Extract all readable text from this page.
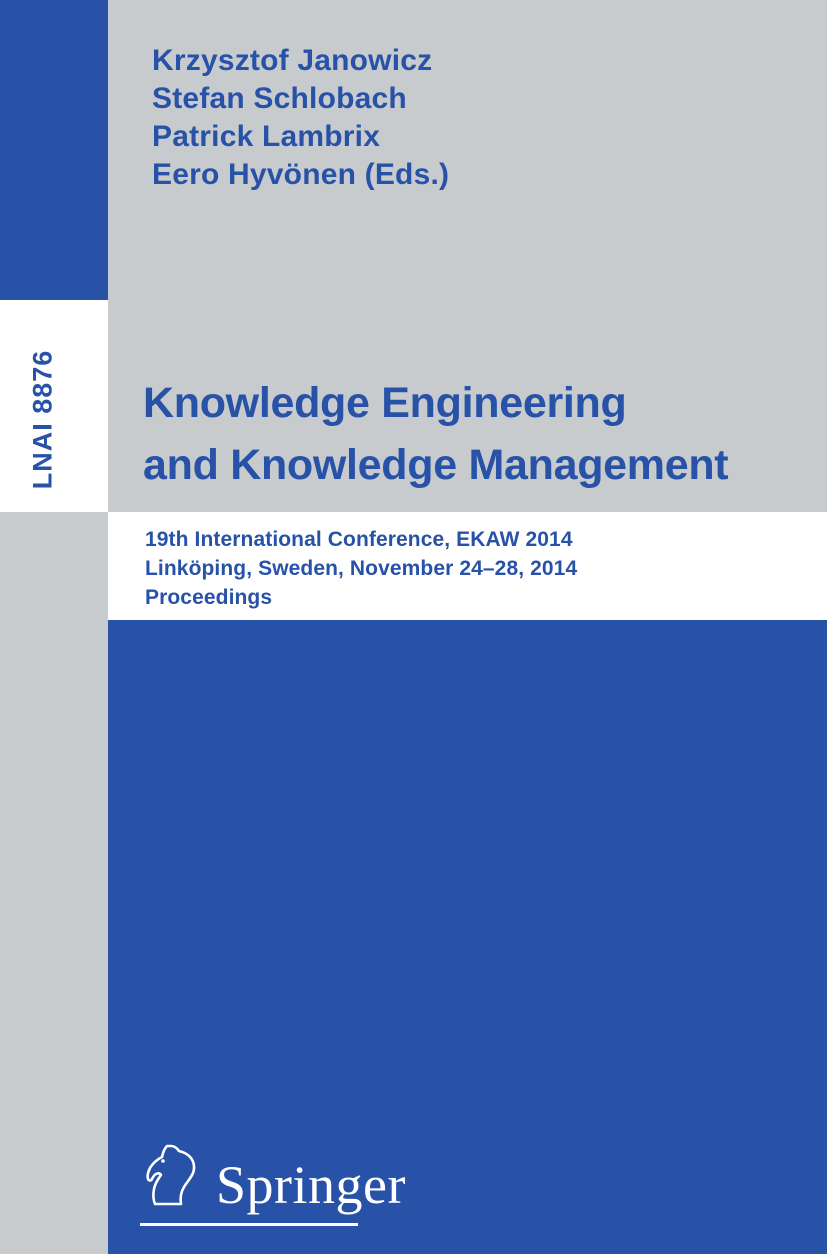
Krzysztof Janowicz
Stefan Schlobach
Patrick Lambrix
Eero Hyvönen (Eds.)
LNAI 8876 Knowledge Engineering
and Knowledge Management
19th International Conference, EKAW 2014
Linköping, Sweden, November 24–28, 2014
Proceedings
Springer
